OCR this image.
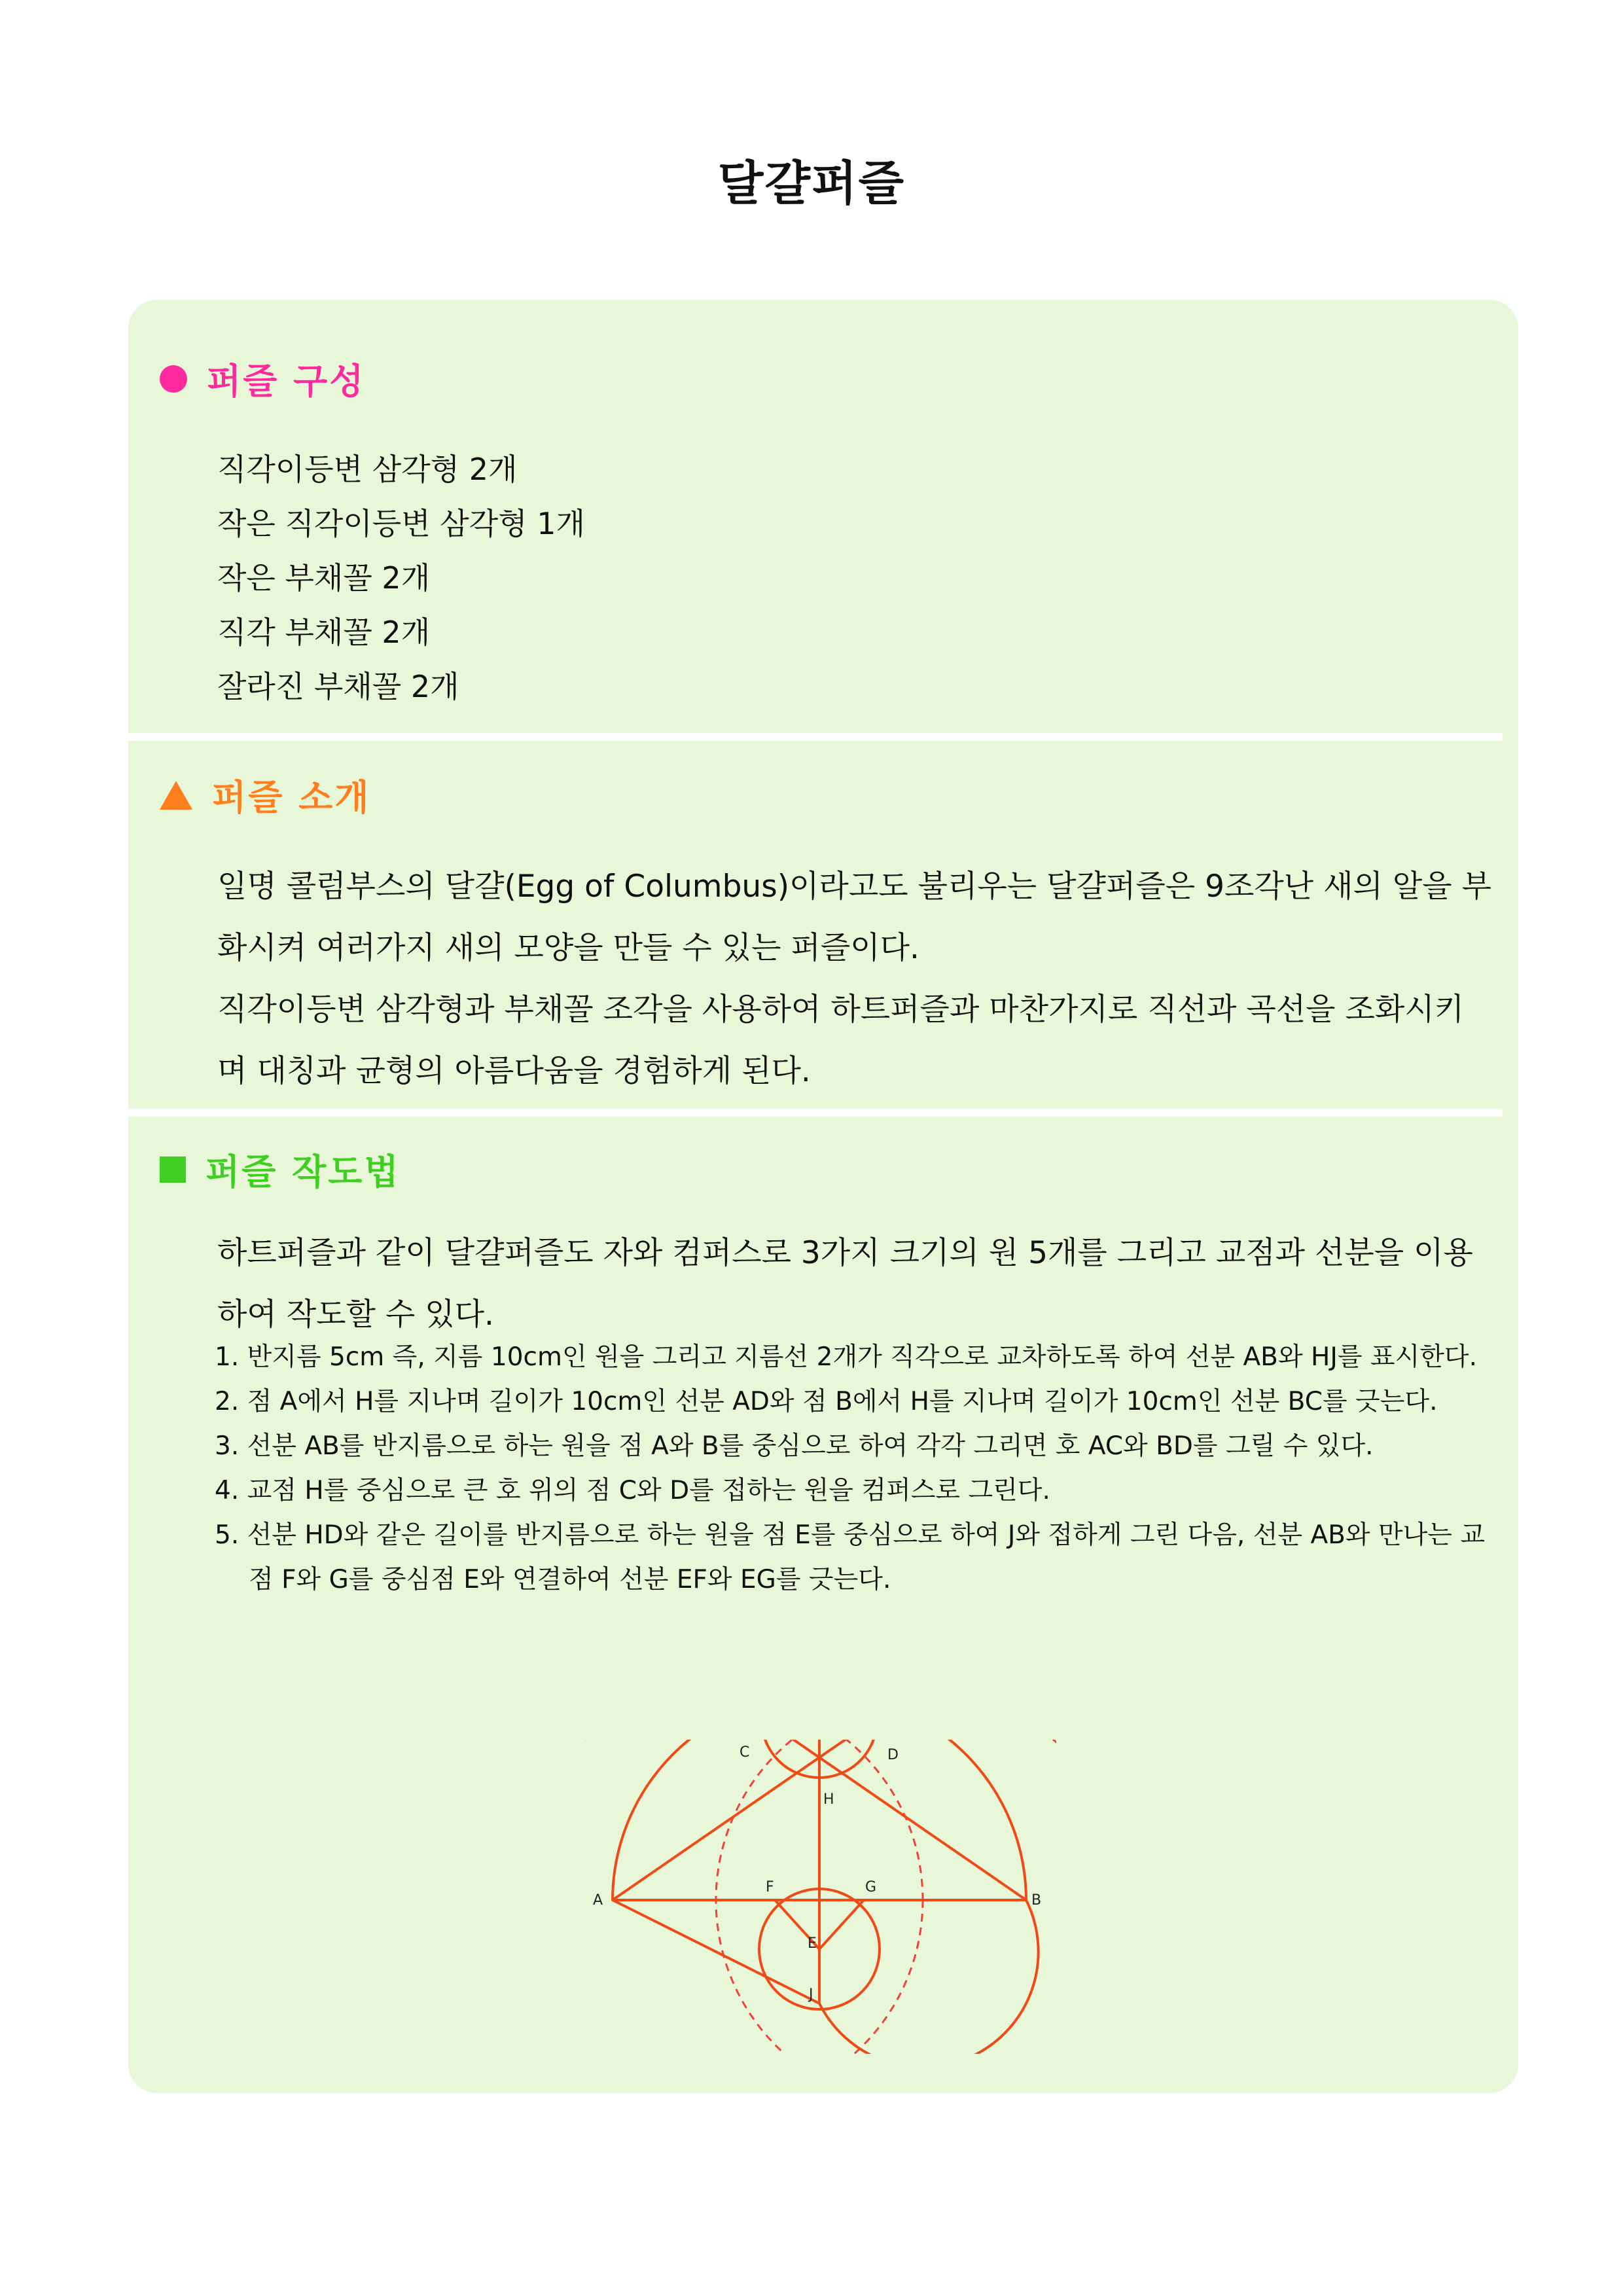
달걀퍼즐
퍼즐 구성
직각이등변 삼각형 2개
작은 직각이등변 삼각형 1개
작은 부채꼴 2개
직각 부채꼴 2개
잘라진 부채꼴 2개
퍼즐 소개

일명 콜럼부스의 달걀(Egg of Columbus)이라고도 불리우는 달걀퍼즐은 9조각난 새의 알을 부화시켜 여러가지 새의 모양을 만들 수 있는 퍼즐이다.

직각이등변 삼각형과 부채꼴 조각을 사용하여 하트퍼즐과 마찬가지로 직선과 곡선을 조화시키며 대칭과 균형의 아름다움을 경험하게 된다.

퍼즐 작도법
하트퍼즐과 같이 달걀퍼즐도 자와 컴퍼스로 3가지 크기의 원 5개를 그리고 교점과 선분을 이용하여 작도할 수 있다.
1. 반지름 5cm 즉, 지름 10cm인 원을 그리고 지름선 2개가 직각으로 교차하도록 하여 선분 AB와 HJ를 표시한다.
2. 점 A에서 H를 지나며 길이가 10cm인 선분 AD와 점 B에서 H를 지나며 길이가 10cm인 선분 BC를 긋는다.
3. 선분 AB를 반지름으로 하는 원을 점 A와 B를 중심으로 하여 각각 그리면 호 AC와 BD를 그릴 수 있다.
4. 교점 H를 중심으로 큰 호 위의 점 C와 D를 접하는 원을 컴퍼스로 그린다.
5. 선분 HD와 같은 길이를 반지름으로 하는 원을 점 E를 중심으로 하여 J와 접하게 그린 다음, 선분 AB와 만나는 교점 F와 G를 중심점 E와 연결하여 선분 EF와 EG를 긋는다.
C	D
H
A
F	G
B
E
J
